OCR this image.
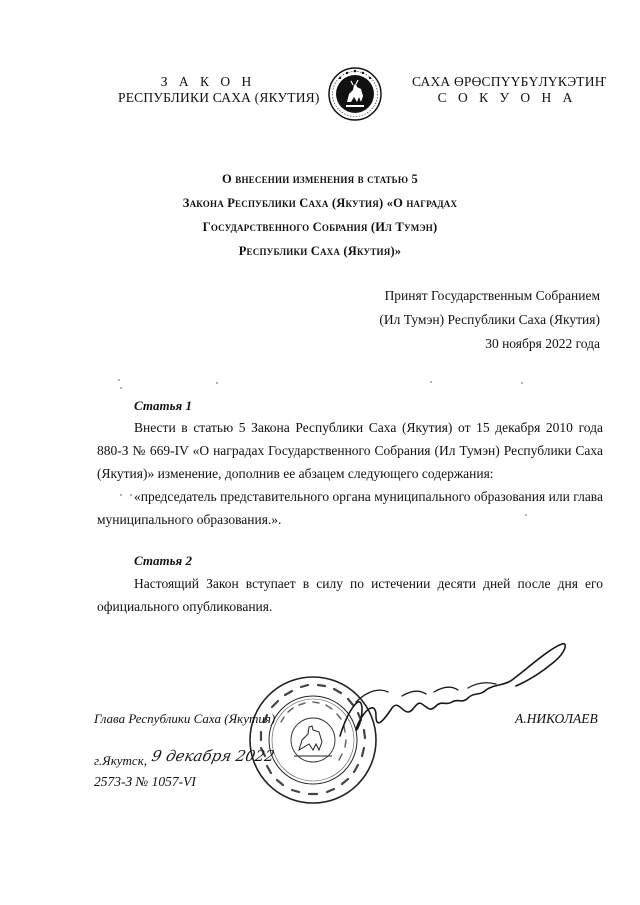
З А К О Н
РЕСПУБЛИКИ САХА (ЯКУТИЯ)
САХА ӨРӨСПҮҮБҮЛҮКЭТИҤ
С О К У О Н А
О внесении изменения в статью 5
Закона Республики Саха (Якутия) «О наградах
Государственного Собрания (Ил Тумэн)
Республики Саха (Якутия)»
Принят Государственным Собранием
(Ил Тумэн) Республики Саха (Якутия)
30 ноября 2022 года
Статья 1
Внести в статью 5 Закона Республики Саха (Якутия) от 15 декабря 2010 года 880-З № 669-IV «О наградах Государственного Собрания (Ил Тумэн) Республики Саха (Якутия)» изменение, дополнив ее абзацем следующего содержания:
«председатель представительного органа муниципального образования или глава муниципального образования.».
Статья 2
Настоящий Закон вступает в силу по истечении десяти дней после дня его официального опубликования.
Глава Республики Саха (Якутия)	А.НИКОЛАЕВ
г.Якутск, 9 декабря 2022
2573-З № 1057-VI
